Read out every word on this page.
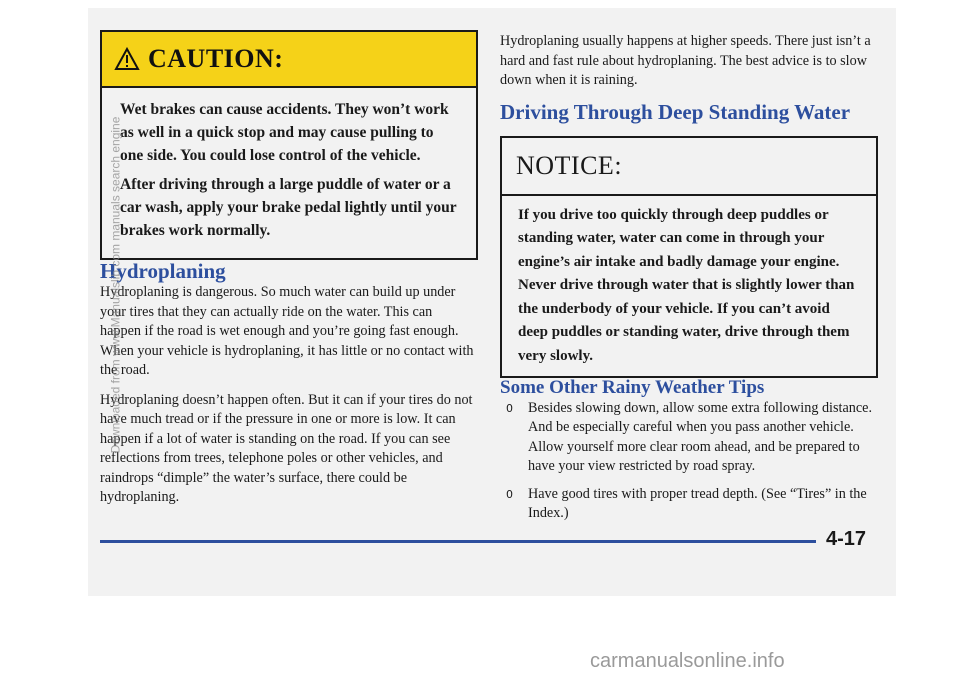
CAUTION:

Wet brakes can cause accidents. They won’t work as well in a quick stop and may cause pulling to one side. You could lose control of the vehicle.

After driving through a large puddle of water or a car wash, apply your brake pedal lightly until your brakes work normally.

Hydroplaning

Hydroplaning is dangerous. So much water can build up under your tires that they can actually ride on the water. This can happen if the road is wet enough and you’re going fast enough. When your vehicle is hydroplaning, it has little or no contact with the road.

Hydroplaning doesn’t happen often. But it can if your tires do not have much tread or if the pressure in one or more is low. It can happen if a lot of water is standing on the road. If you can see reflections from trees, telephone poles or other vehicles, and raindrops “dimple” the water’s surface, there could be hydroplaning.

Hydroplaning usually happens at higher speeds. There just isn’t a hard and fast rule about hydroplaning. The best advice is to slow down when it is raining.

Driving Through Deep Standing Water
NOTICE:

If you drive too quickly through deep puddles or standing water, water can come in through your engine’s air intake and badly damage your engine. Never drive through water that is slightly lower than the underbody of your vehicle. If you can’t avoid deep puddles or standing water, drive through them very slowly.

Some Other Rainy Weather Tips
0	Besides slowing down, allow some extra following distance. And be especially careful when you pass another vehicle. Allow yourself more clear room ahead, and be prepared to have your view restricted by road spray.
0	Have good tires with proper tread depth. (See “Tires” in the Index.)
4-17
Downloaded from www.Manualslib.com manuals search engine
carmanualsonline.info
